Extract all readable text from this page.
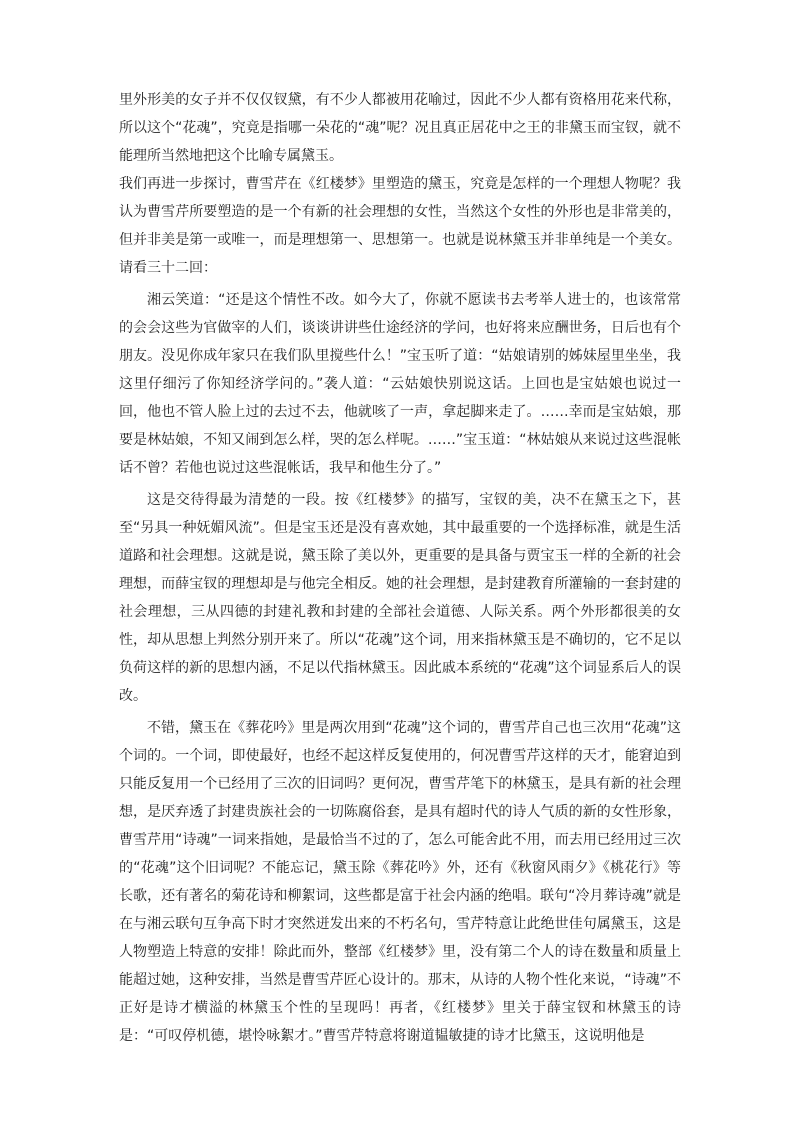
里外形美的女子并不仅仅钗黛，有不少人都被用花喻过，因此不少人都有资格用花来代称，所以这个“花魂”，究竟是指哪一朵花的“魂”呢？况且真正居花中之王的非黛玉而宝钗，就不能理所当然地把这个比喻专属黛玉。

我们再进一步探讨，曹雪芹在《红楼梦》里塑造的黛玉，究竟是怎样的一个理想人物呢？我认为曹雪芹所要塑造的是一个有新的社会理想的女性，当然这个女性的外形也是非常美的，但并非美是第一或唯一，而是理想第一、思想第一。也就是说林黛玉并非单纯是一个美女。请看三十二回：

湘云笑道：“还是这个情性不改。如今大了，你就不愿读书去考举人进士的，也该常常的会会这些为官做宰的人们，谈谈讲讲些仕途经济的学问，也好将来应酬世务，日后也有个朋友。没见你成年家只在我们队里搅些什么！”宝玉听了道：“姑娘请别的姊妹屋里坐坐，我这里仔细污了你知经济学问的。”袭人道：“云姑娘快别说这话。上回也是宝姑娘也说过一回，他也不管人脸上过的去过不去，他就咳了一声，拿起脚来走了。……幸而是宝姑娘，那要是林姑娘，不知又闹到怎么样，哭的怎么样呢。……”宝玉道：“林姑娘从来说过这些混帐话不曾？若他也说过这些混帐话，我早和他生分了。”

这是交待得最为清楚的一段。按《红楼梦》的描写，宝钗的美，决不在黛玉之下，甚至“另具一种妩媚风流”。但是宝玉还是没有喜欢她，其中最重要的一个选择标准，就是生活道路和社会理想。这就是说，黛玉除了美以外，更重要的是具备与贾宝玉一样的全新的社会理想，而薛宝钗的理想却是与他完全相反。她的社会理想，是封建教育所灌输的一套封建的社会理想，三从四德的封建礼教和封建的全部社会道德、人际关系。两个外形都很美的女性，却从思想上判然分别开来了。所以“花魂”这个词，用来指林黛玉是不确切的，它不足以负荷这样的新的思想内涵，不足以代指林黛玉。因此戚本系统的“花魂”这个词显系后人的误改。

不错，黛玉在《葬花吟》里是两次用到“花魂”这个词的，曹雪芹自己也三次用“花魂”这个词的。一个词，即使最好，也经不起这样反复使用的，何况曹雪芹这样的天才，能窘迫到只能反复用一个已经用了三次的旧词吗？更何况，曹雪芹笔下的林黛玉，是具有新的社会理想，是厌弃透了封建贵族社会的一切陈腐俗套，是具有超时代的诗人气质的新的女性形象，曹雪芹用“诗魂”一词来指她，是最恰当不过的了，怎么可能舍此不用，而去用已经用过三次的“花魂”这个旧词呢？不能忘记，黛玉除《葬花吟》外，还有《秋窗风雨夕》《桃花行》等长歌，还有著名的菊花诗和柳絮词，这些都是富于社会内涵的绝唱。联句“冷月葬诗魂”就是在与湘云联句互争高下时才突然迸发出来的不朽名句，雪芹特意让此绝世佳句属黛玉，这是人物塑造上特意的安排！除此而外，整部《红楼梦》里，没有第二个人的诗在数量和质量上能超过她，这种安排，当然是曹雪芹匠心设计的。那末，从诗的人物个性化来说，“诗魂”不正好是诗才横溢的林黛玉个性的呈现吗！再者，《红楼梦》里关于薛宝钗和林黛玉的诗是：“可叹停机德，堪怜咏絮才。”曹雪芹特意将谢道韫敏捷的诗才比黛玉，这说明他是
